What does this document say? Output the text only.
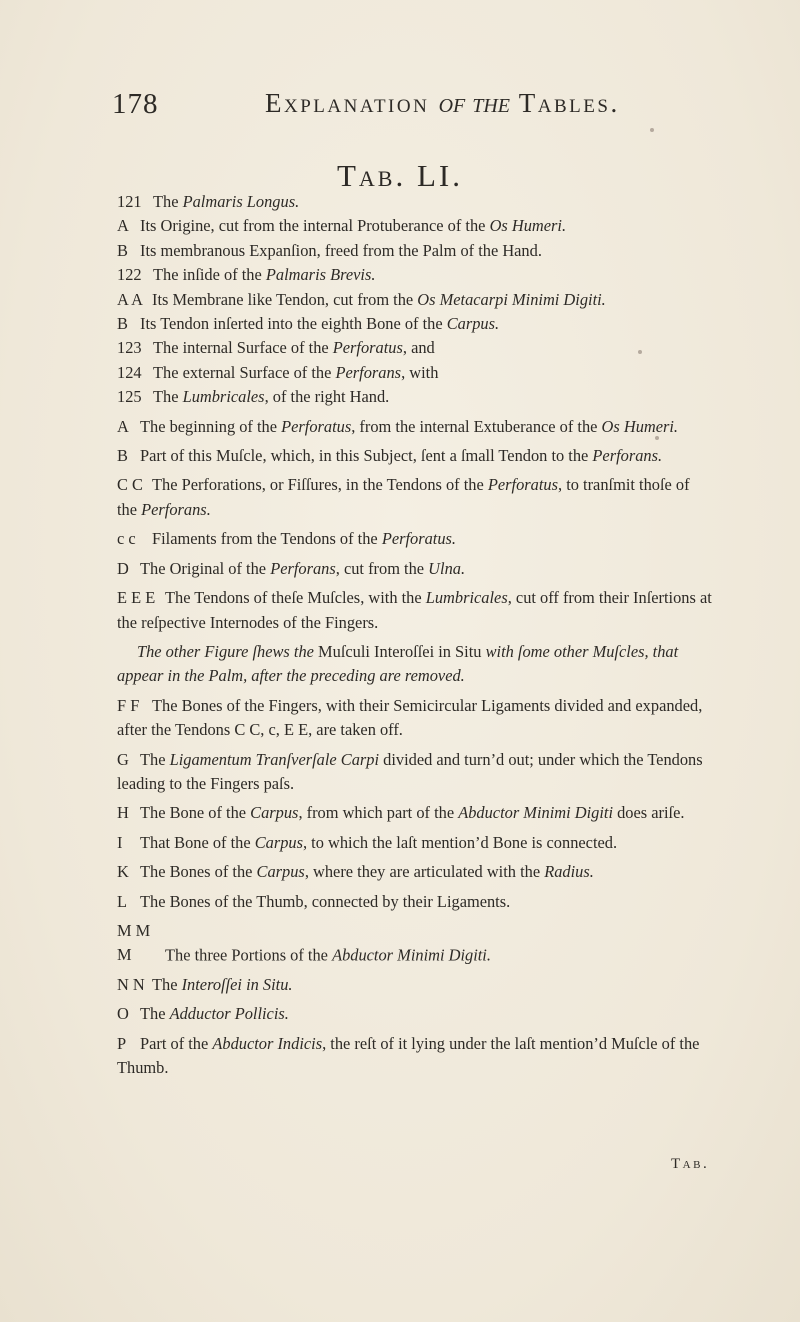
178	Explanation of the Tables.
Tab. LI.

121 The Palmaris Longus.

A Its Origine, cut from the internal Protuberance of the Os Humeri.

B Its membranous Expanſion, freed from the Palm of the Hand.

122 The inſide of the Palmaris Brevis.

A A Its Membrane like Tendon, cut from the Os Metacarpi Minimi Digiti.

B Its Tendon inſerted into the eighth Bone of the Carpus.

123 The internal Surface of the Perforatus, and

124 The external Surface of the Perforans, with

125 The Lumbricales, of the right Hand.

A The beginning of the Perforatus, from the internal Extuberance of the Os Humeri.

B Part of this Muſcle, which, in this Subject, ſent a ſmall Tendon to the Perforans.

C C The Perforations, or Fiſſures, in the Tendons of the Perforatus, to tranſmit thoſe of the Perforans.

c c Filaments from the Tendons of the Perforatus.

D The Original of the Perforans, cut from the Ulna.

E E E The Tendons of theſe Muſcles, with the Lumbricales, cut off from their Inſertions at the reſpective Internodes of the Fingers.

The other Figure ſhews the Muſculi Interoſſei in Situ with ſome other Muſcles, that appear in the Palm, after the preceding are removed.

F F The Bones of the Fingers, with their Semicircular Ligaments divided and expanded, after the Tendons C C, c, E E, are taken off.

G The Ligamentum Tranſverſale Carpi divided and turn’d out; under which the Tendons leading to the Fingers paſs.

H The Bone of the Carpus, from which part of the Abductor Minimi Digiti does ariſe.

I That Bone of the Carpus, to which the laſt mention’d Bone is connected.

K The Bones of the Carpus, where they are articulated with the Radius.

L The Bones of the Thumb, connected by their Ligaments.

M M M The three Portions of the Abductor Minimi Digiti.

N N The Interoſſei in Situ.

O The Adductor Pollicis.

P Part of the Abductor Indicis, the reſt of it lying under the laſt mention’d Muſcle of the Thumb.

Tab.
